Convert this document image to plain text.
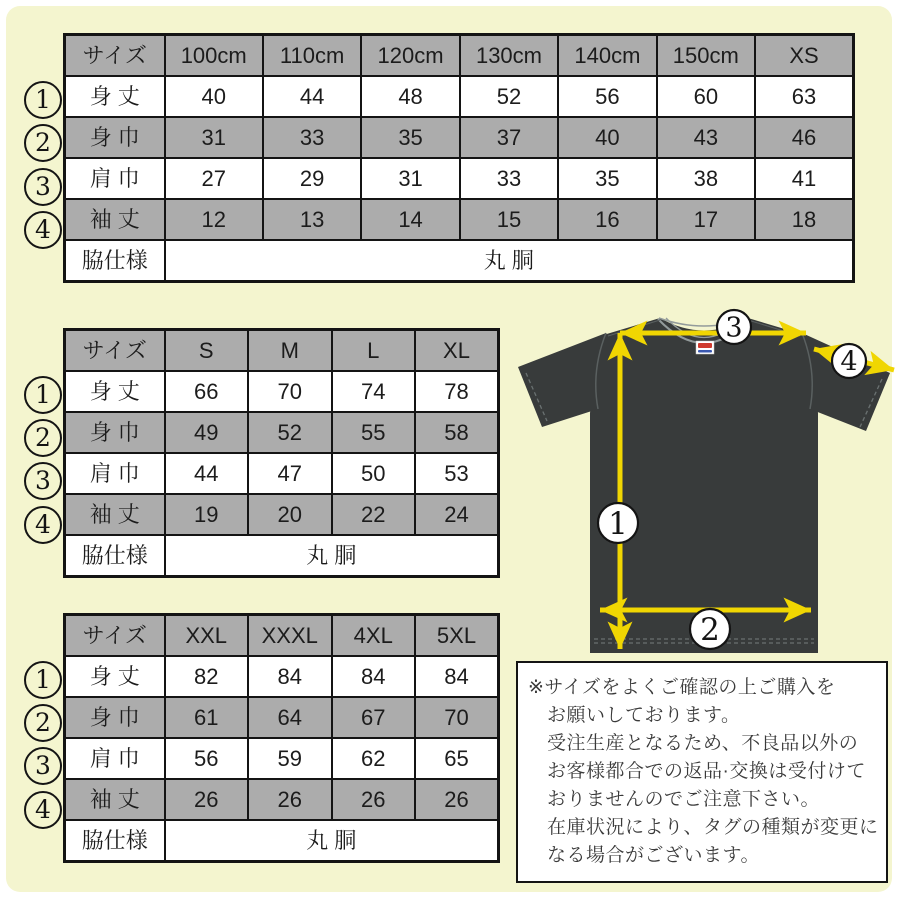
サイズ	100cm	110cm	120cm	130cm	140cm	150cm	XS
身 丈	40	44	48	52	56	60	63
身 巾	31	33	35	37	40	43	46
肩 巾	27	29	31	33	35	38	41
袖 丈	12	13	14	15	16	17	18
脇仕様	丸 胴						
1
2
3
4
サイズ	S	M	L	XL
身 丈	66	70	74	78
身 巾	49	52	55	58
肩 巾	44	47	50	53
袖 丈	19	20	22	24
脇仕様	丸 胴			
1
2
3
4
サイズ	XXL	XXXL	4XL	5XL
身 丈	82	84	84	84
身 巾	61	64	67	70
肩 巾	56	59	62	65
袖 丈	26	26	26	26
脇仕様	丸 胴			
1
2
3
4
1
2
3
4
※サイズをよくご確認の上ご購入を
お願いしております。
受注生産となるため、不良品以外の
お客様都合での返品·交換は受付けて
おりませんのでご注意下さい。
在庫状況により、タグの種類が変更に
なる場合がございます。
